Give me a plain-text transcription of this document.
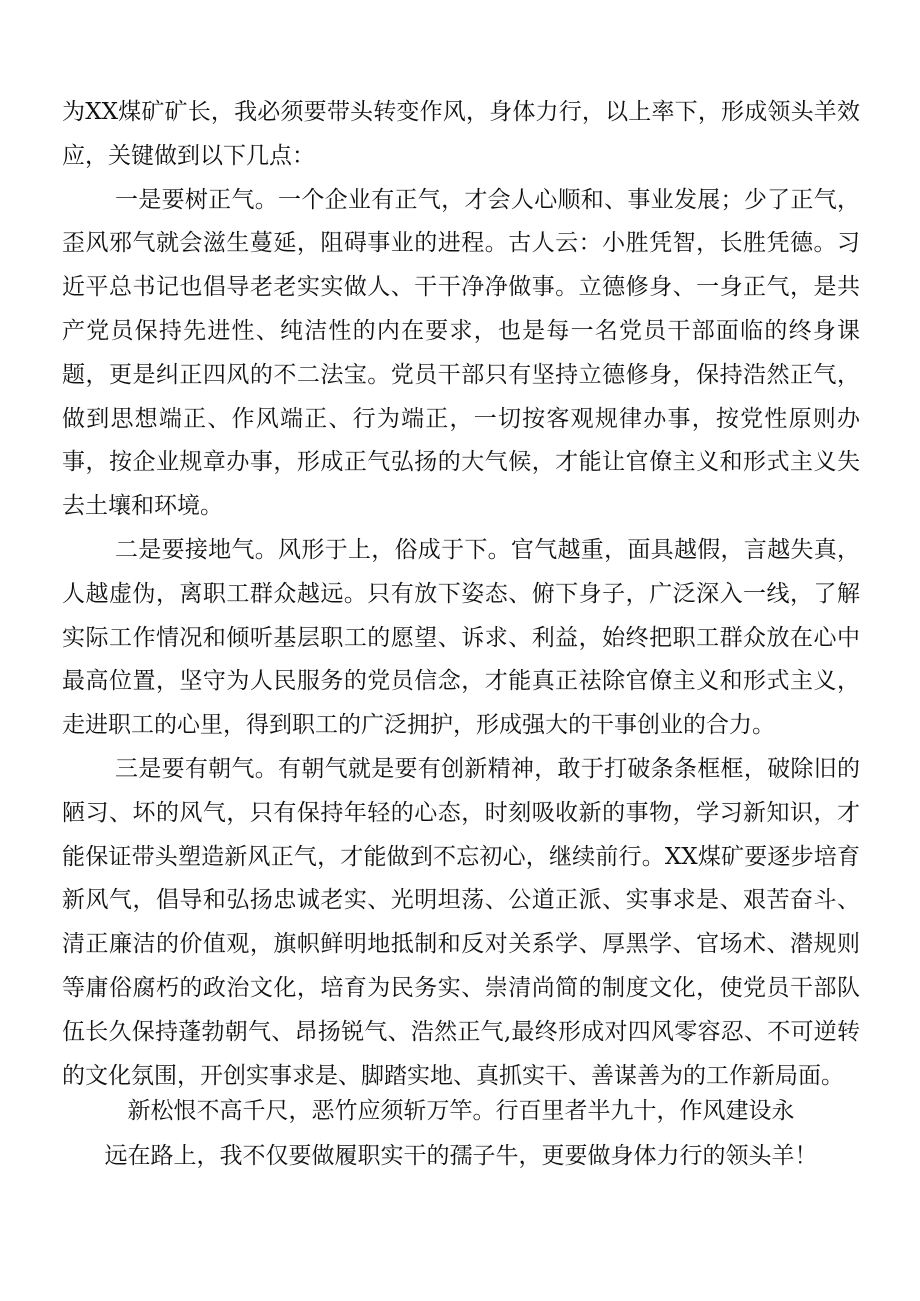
为XX煤矿矿长，我必须要带头转变作风，身体力行，以上率下，形成领头羊效
应，关键做到以下几点：
一是要树正气。一个企业有正气，才会人心顺和、事业发展；少了正气，
歪风邪气就会滋生蔓延，阻碍事业的进程。古人云：小胜凭智，长胜凭德。习
近平总书记也倡导老老实实做人、干干净净做事。立德修身、一身正气，是共
产党员保持先进性、纯洁性的内在要求，也是每一名党员干部面临的终身课
题，更是纠正四风的不二法宝。党员干部只有坚持立德修身，保持浩然正气，
做到思想端正、作风端正、行为端正，一切按客观规律办事，按党性原则办
事，按企业规章办事，形成正气弘扬的大气候，才能让官僚主义和形式主义失
去土壤和环境。
二是要接地气。风形于上，俗成于下。官气越重，面具越假，言越失真，
人越虚伪，离职工群众越远。只有放下姿态、俯下身子，广泛深入一线，了解
实际工作情况和倾听基层职工的愿望、诉求、利益，始终把职工群众放在心中
最高位置，坚守为人民服务的党员信念，才能真正祛除官僚主义和形式主义，
走进职工的心里，得到职工的广泛拥护，形成强大的干事创业的合力。
三是要有朝气。有朝气就是要有创新精神，敢于打破条条框框，破除旧的
陋习、坏的风气，只有保持年轻的心态，时刻吸收新的事物，学习新知识，才
能保证带头塑造新风正气，才能做到不忘初心，继续前行。XX煤矿要逐步培育
新风气，倡导和弘扬忠诚老实、光明坦荡、公道正派、实事求是、艰苦奋斗、
清正廉洁的价值观，旗帜鲜明地抵制和反对关系学、厚黑学、官场术、潜规则
等庸俗腐朽的政治文化，培育为民务实、崇清尚简的制度文化，使党员干部队
伍长久保持蓬勃朝气、昂扬锐气、浩然正气,最终形成对四风零容忍、不可逆转
的文化氛围，开创实事求是、脚踏实地、真抓实干、善谋善为的工作新局面。
新松恨不高千尺，恶竹应须斩万竿。行百里者半九十，作风建设永
远在路上，我不仅要做履职实干的孺子牛，更要做身体力行的领头羊！
